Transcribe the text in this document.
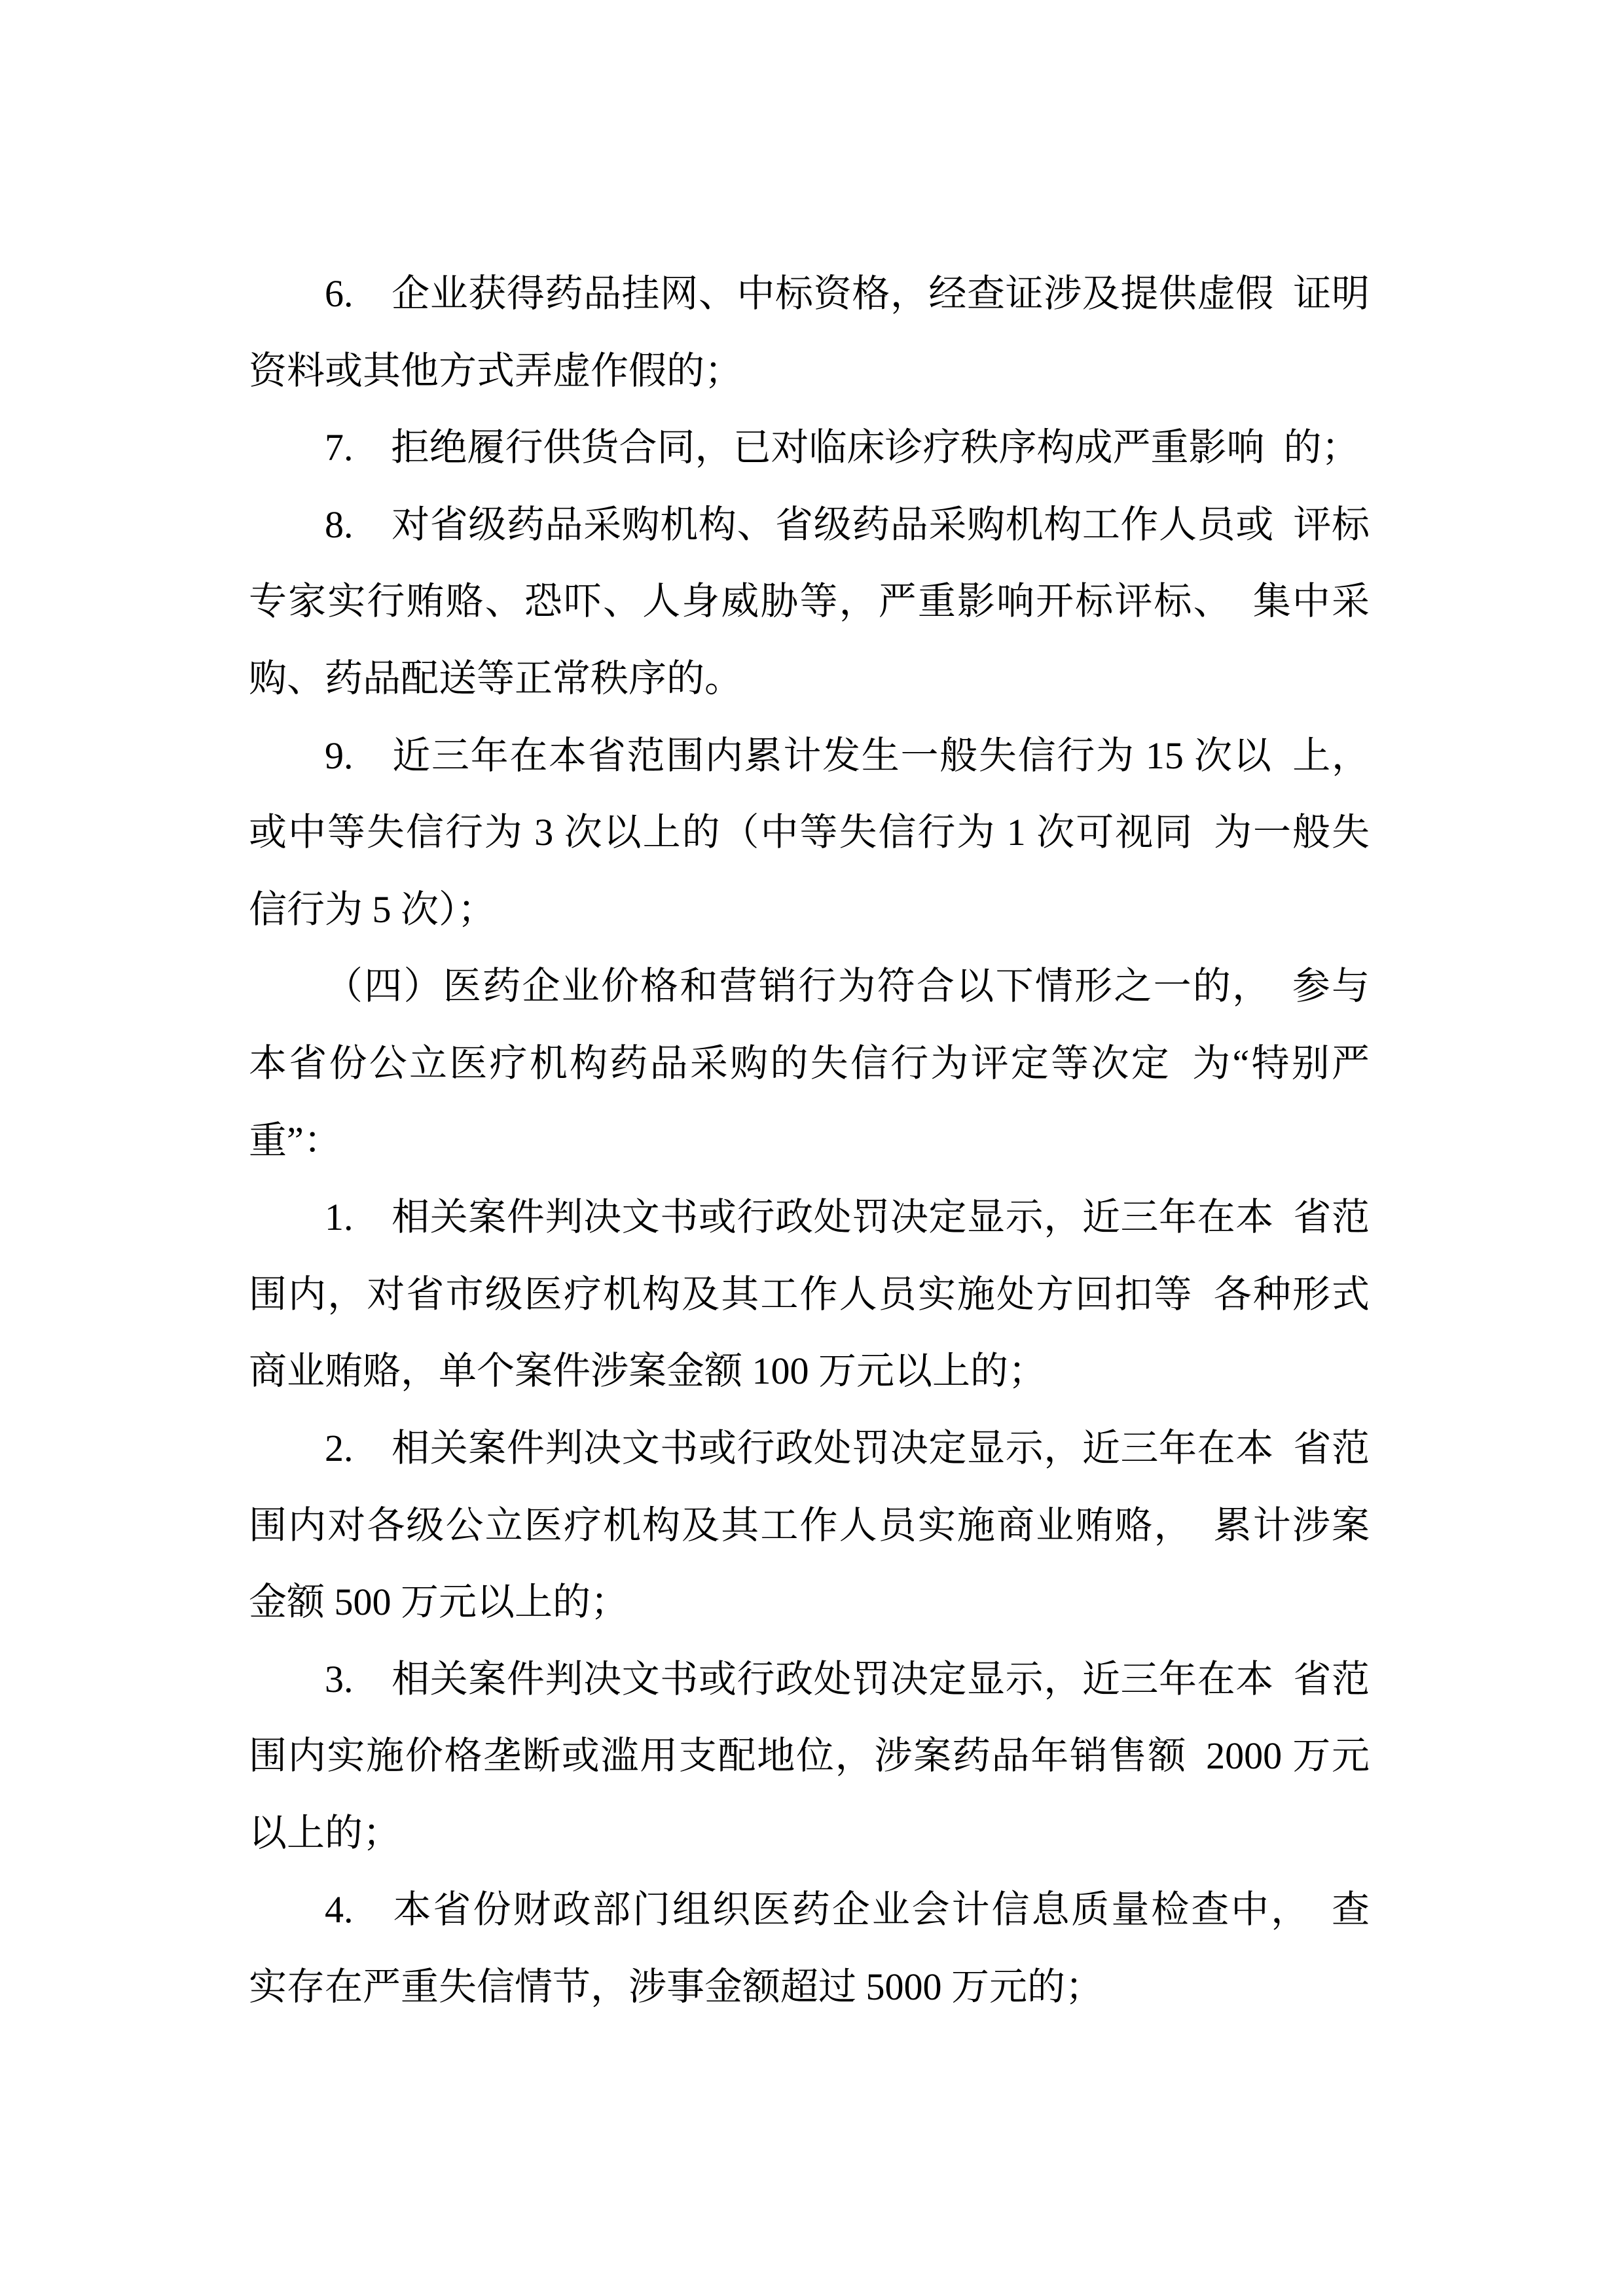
6. 企业获得药品挂网、中标资格，经查证涉及提供虚假 证明
资料或其他方式弄虚作假的；
7. 拒绝履行供货合同，已对临床诊疗秩序构成严重影响 的；
8. 对省级药品采购机构、省级药品采购机构工作人员或 评标
专家实行贿赂、恐吓、人身威胁等，严重影响开标评标、 集中采
购、药品配送等正常秩序的。
9. 近三年在本省范围内累计发生一般失信行为 15 次以 上，
或中等失信行为 3 次以上的（中等失信行为 1 次可视同 为一般失
信行为 5 次）；
（四）医药企业价格和营销行为符合以下情形之一的， 参与
本省份公立医疗机构药品采购的失信行为评定等次定 为“特别严
重”：
1. 相关案件判决文书或行政处罚决定显示，近三年在本 省范
围内，对省市级医疗机构及其工作人员实施处方回扣等 各种形式
商业贿赂，单个案件涉案金额 100 万元以上的；
2. 相关案件判决文书或行政处罚决定显示，近三年在本 省范
围内对各级公立医疗机构及其工作人员实施商业贿赂， 累计涉案
金额 500 万元以上的；
3. 相关案件判决文书或行政处罚决定显示，近三年在本 省范
围内实施价格垄断或滥用支配地位，涉案药品年销售额 2000 万元
以上的；
4. 本省份财政部门组织医药企业会计信息质量检查中， 查
实存在严重失信情节，涉事金额超过 5000 万元的；
